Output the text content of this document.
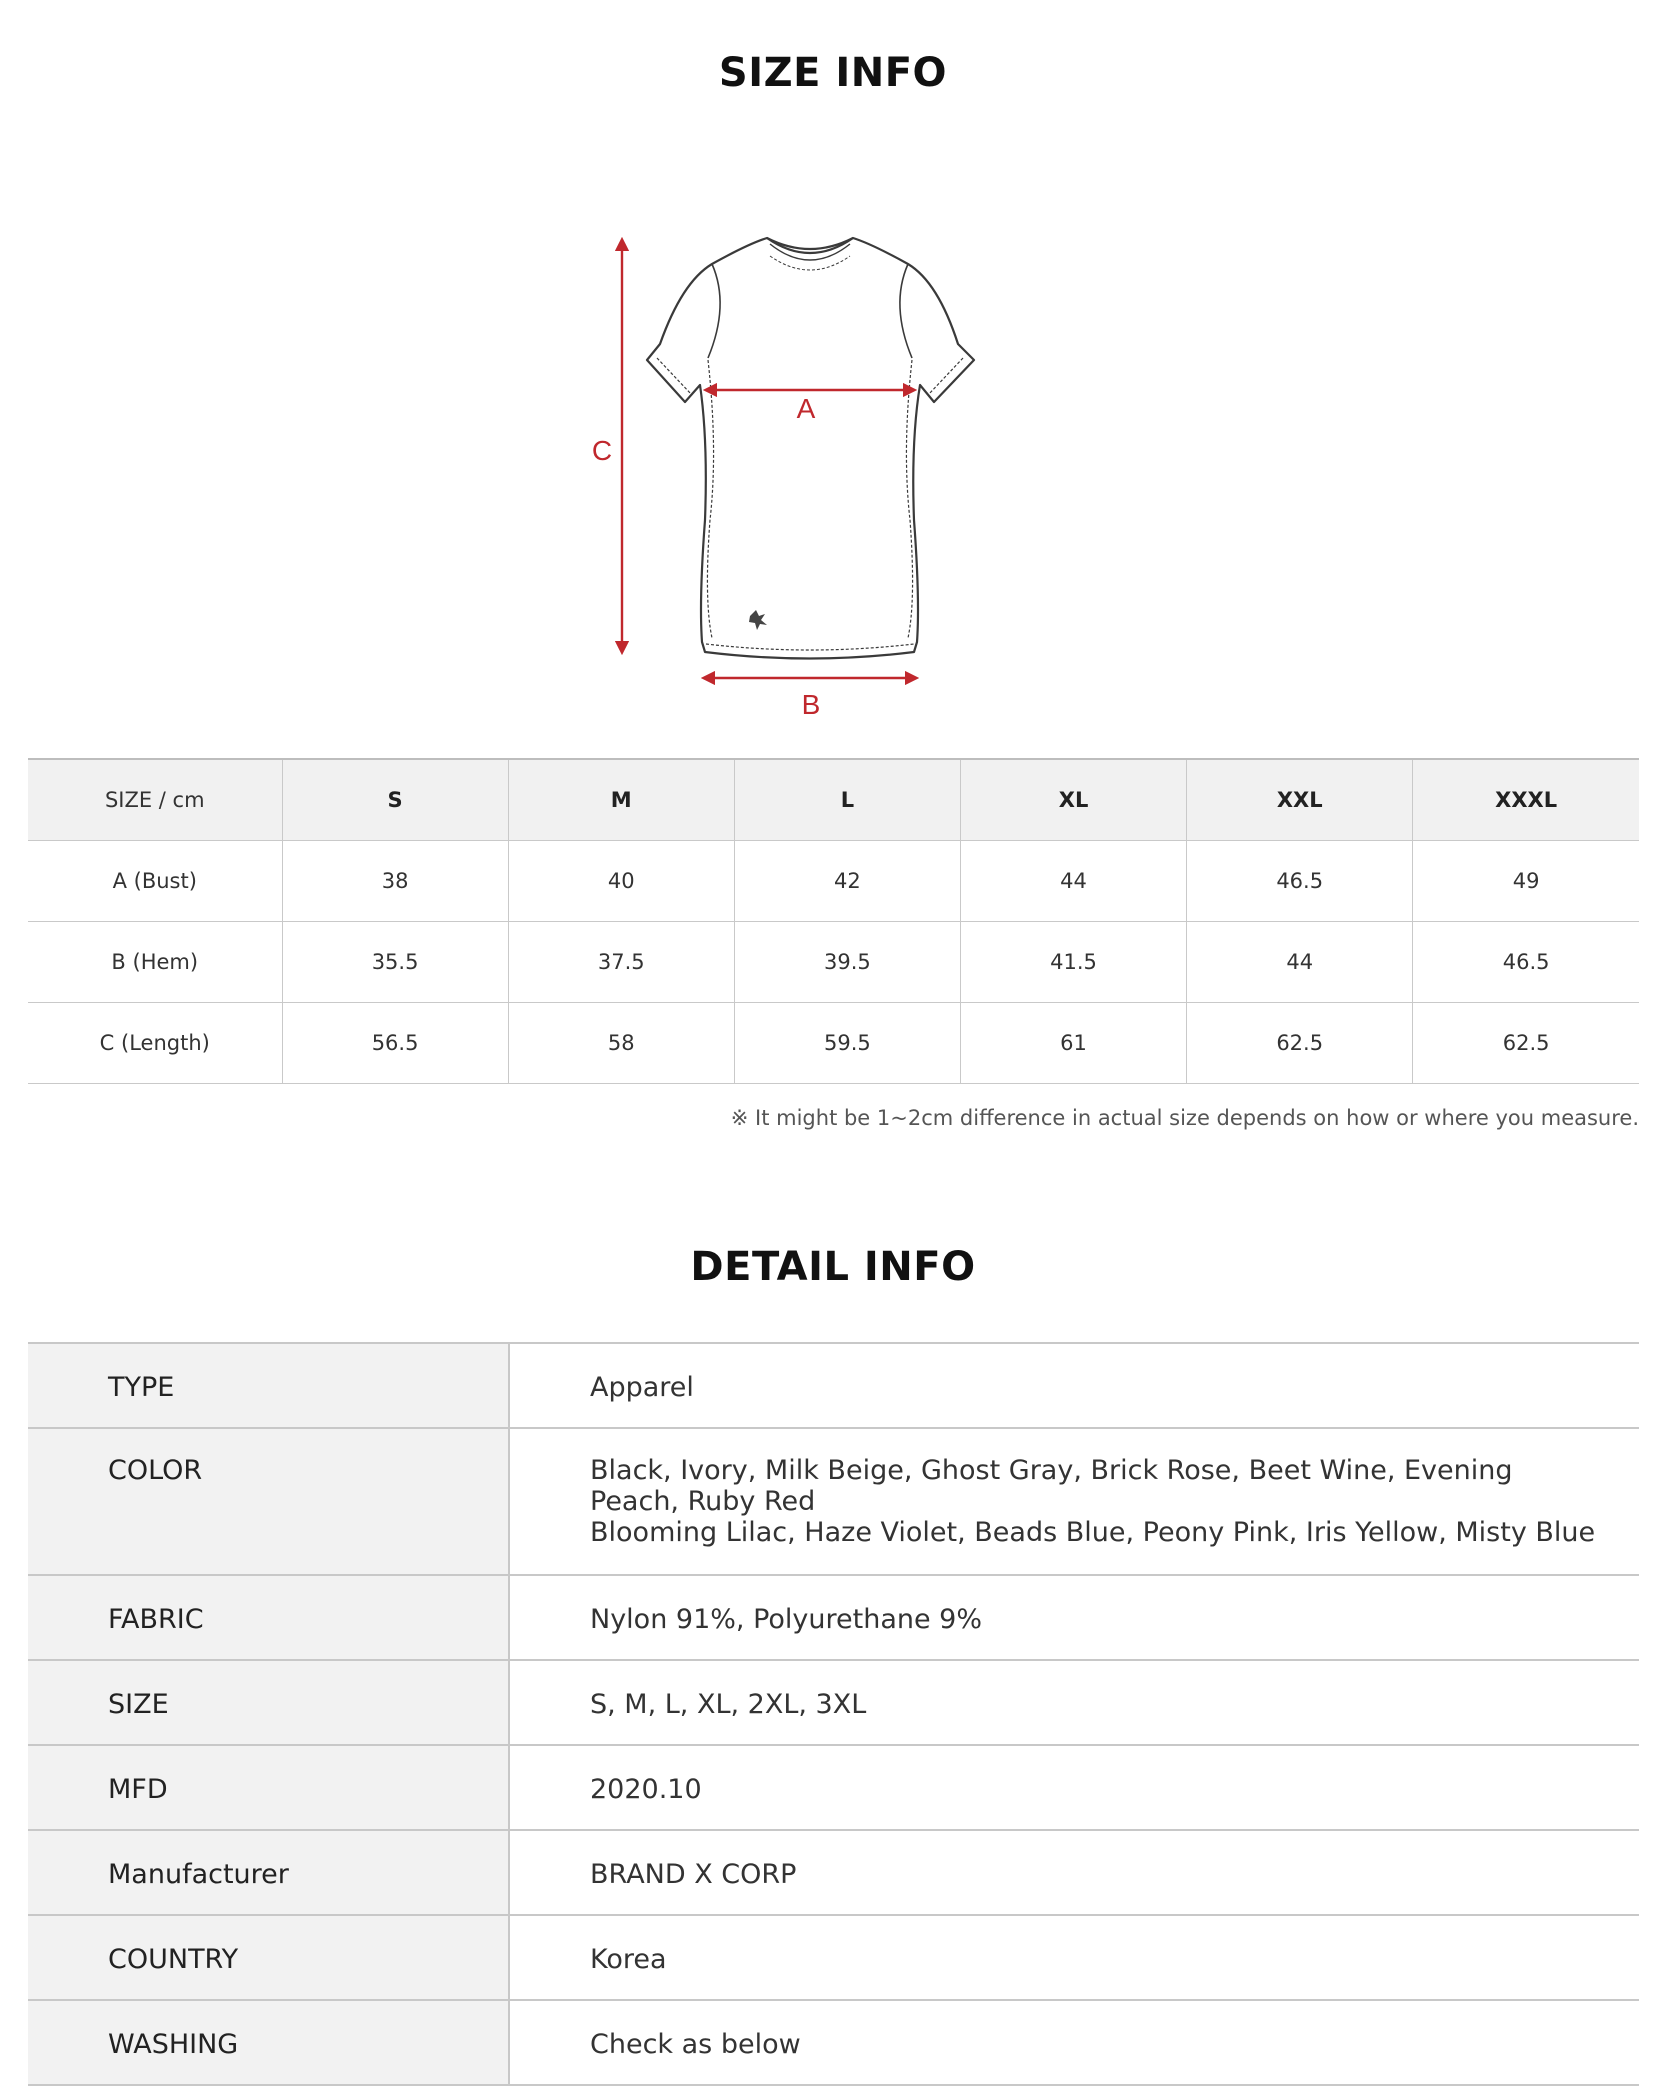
SIZE INFO
C
A
B
SIZE / cm	S	M	L	XL	XXL	XXXL
A (Bust)	38	40	42	44	46.5	49
B (Hem)	35.5	37.5	39.5	41.5	44	46.5
C (Length)	56.5	58	59.5	61	62.5	62.5

※ It might be 1~2cm difference in actual size depends on how or where you measure.

DETAIL INFO
TYPE	Apparel
COLOR	Black, Ivory, Milk Beige, Ghost Gray, Brick Rose, Beet Wine, Evening Peach, Ruby Red
Blooming Lilac, Haze Violet, Beads Blue, Peony Pink, Iris Yellow, Misty Blue

FABRIC	Nylon 91%, Polyurethane 9%
SIZE	S, M, L, XL, 2XL, 3XL
MFD	2020.10
Manufacturer	BRAND X CORP
COUNTRY	Korea
WASHING	Check as below
